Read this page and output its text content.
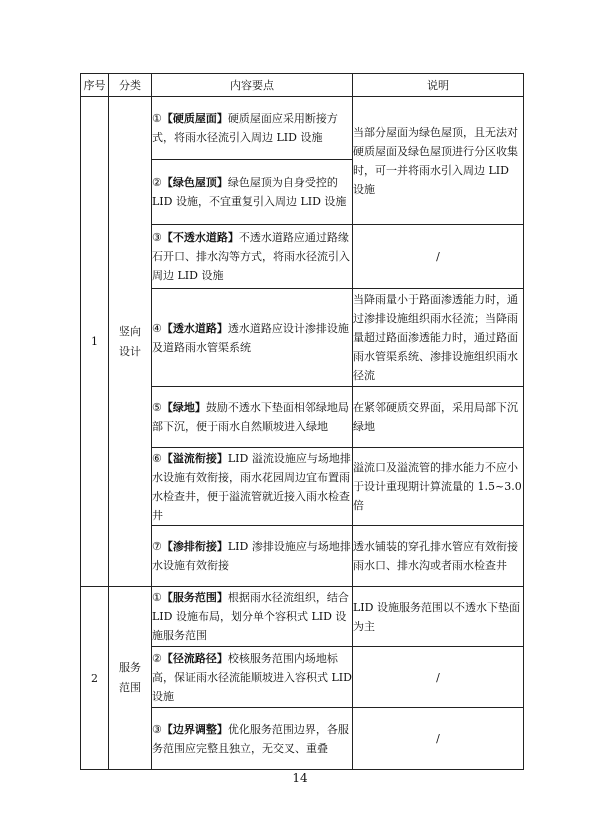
序号	分类	内容要点	说明
1	竖向设计	①【硬质屋面】硬质屋面应采用断接方式，将雨水径流引入周边 LID 设施	当部分屋面为绿色屋顶，且无法对硬质屋面及绿色屋顶进行分区收集时，可一并将雨水引入周边 LID 设施
		②【绿色屋顶】绿色屋顶为自身受控的 LID 设施，不宜重复引入周边 LID 设施	
		③【不透水道路】不透水道路应通过路缘石开口、排水沟等方式，将雨水径流引入周边 LID 设施	/
		④【透水道路】透水道路应设计渗排设施及道路雨水管渠系统	当降雨量小于路面渗透能力时，通过渗排设施组织雨水径流；当降雨量超过路面渗透能力时，通过路面雨水管渠系统、渗排设施组织雨水径流
		⑤【绿地】鼓励不透水下垫面相邻绿地局部下沉，便于雨水自然顺坡进入绿地	在紧邻硬质交界面，采用局部下沉绿地
		⑥【溢流衔接】LID 溢流设施应与场地排水设施有效衔接，雨水花园周边宜布置雨水检查井，便于溢流管就近接入雨水检查井	溢流口及溢流管的排水能力不应小于设计重现期计算流量的 1.5~3.0 倍
		⑦【渗排衔接】LID 渗排设施应与场地排水设施有效衔接	透水铺装的穿孔排水管应有效衔接雨水口、排水沟或者雨水检查井
2	服务范围	①【服务范围】根据雨水径流组织，结合 LID 设施布局，划分单个容积式 LID 设施服务范围	LID 设施服务范围以不透水下垫面为主
		②【径流路径】校核服务范围内场地标高，保证雨水径流能顺坡进入容积式 LID 设施	/
		③【边界调整】优化服务范围边界，各服务范围应完整且独立，无交叉、重叠	/
14
